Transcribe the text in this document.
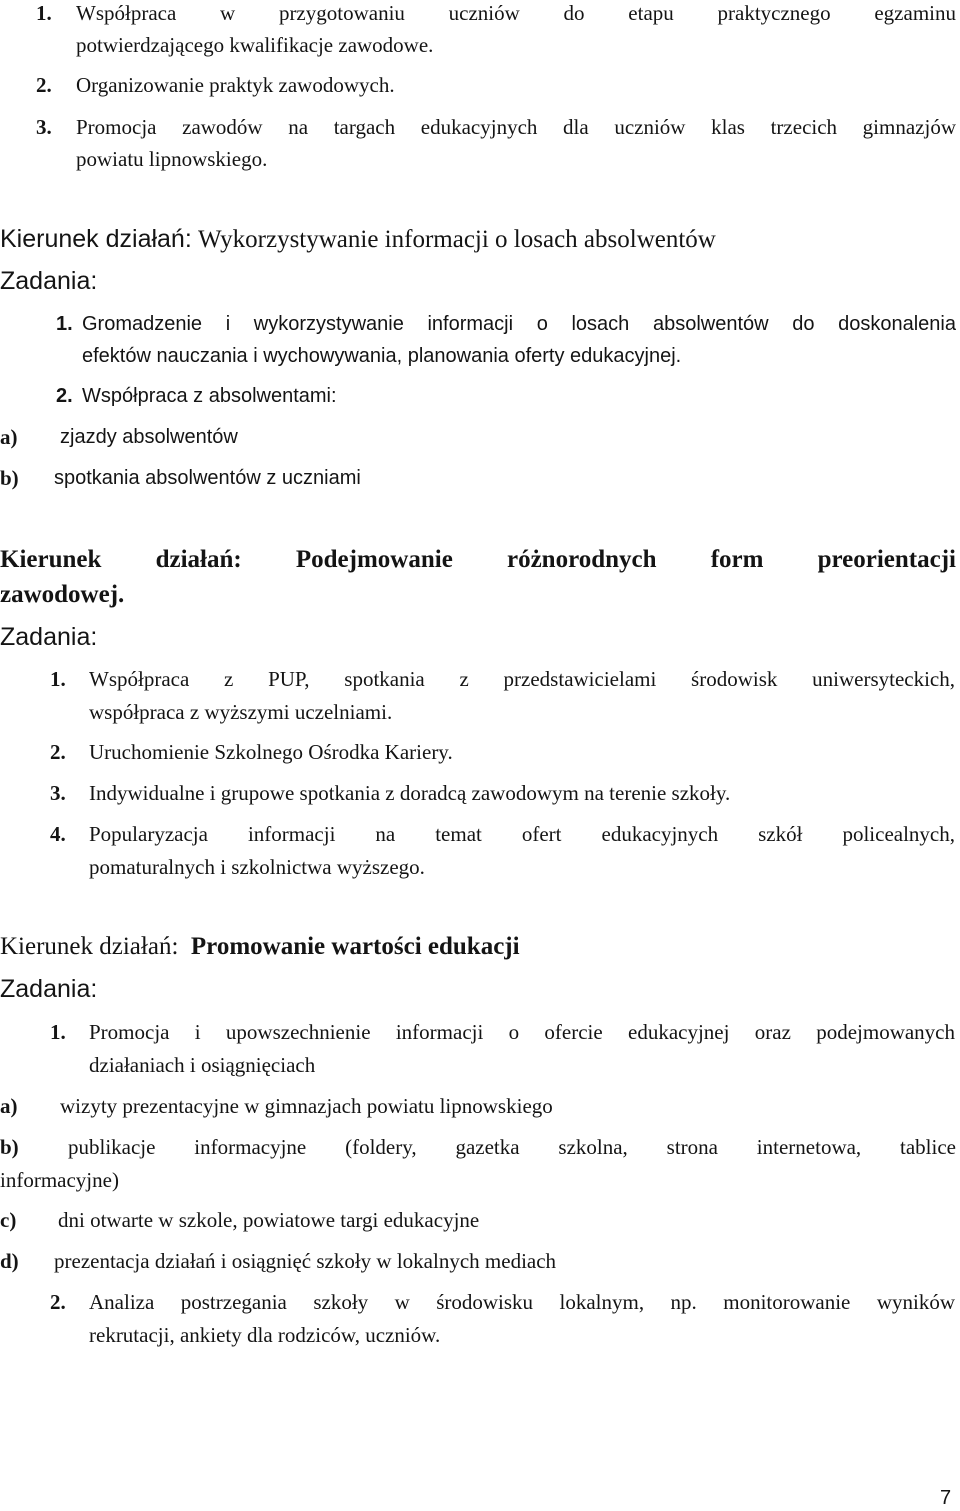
1. Współpraca w przygotowaniu uczniów do etapu praktycznego egzaminu
potwierdzającego kwalifikacje zawodowe.
2. Organizowanie praktyk zawodowych.
3. Promocja zawodów na targach edukacyjnych dla uczniów klas trzecich gimnazjów
powiatu lipnowskiego.
Kierunek działań: Wykorzystywanie informacji o losach absolwentów
Zadania:
1. Gromadzenie i wykorzystywanie informacji o losach absolwentów do doskonalenia
efektów nauczania i wychowywania, planowania oferty edukacyjnej.
2. Współpraca z absolwentami:
a) zjazdy absolwentów
b) spotkania absolwentów z uczniami
Kierunek działań: Podejmowanie różnorodnych form preorientacji
zawodowej.
Zadania:
1. Współpraca z PUP, spotkania z przedstawicielami środowisk uniwersyteckich,
współpraca z wyższymi uczelniami.
2. Uruchomienie Szkolnego Ośrodka Kariery.
3. Indywidualne i grupowe spotkania z doradcą zawodowym na terenie szkoły.
4. Popularyzacja informacji na temat ofert edukacyjnych szkół policealnych,
pomaturalnych i szkolnictwa wyższego.
Kierunek działań: Promowanie wartości edukacji
Zadania:
1. Promocja i upowszechnienie informacji o ofercie edukacyjnej oraz podejmowanych
działaniach i osiągnięciach
a) wizyty prezentacyjne w gimnazjach powiatu lipnowskiego
b) publikacje informacyjne (foldery, gazetka szkolna, strona internetowa, tablice
informacyjne)
c) dni otwarte w szkole, powiatowe targi edukacyjne
d) prezentacja działań i osiągnięć szkoły w lokalnych mediach
2. Analiza postrzegania szkoły w środowisku lokalnym, np. monitorowanie wyników
rekrutacji, ankiety dla rodziców, uczniów.
7
